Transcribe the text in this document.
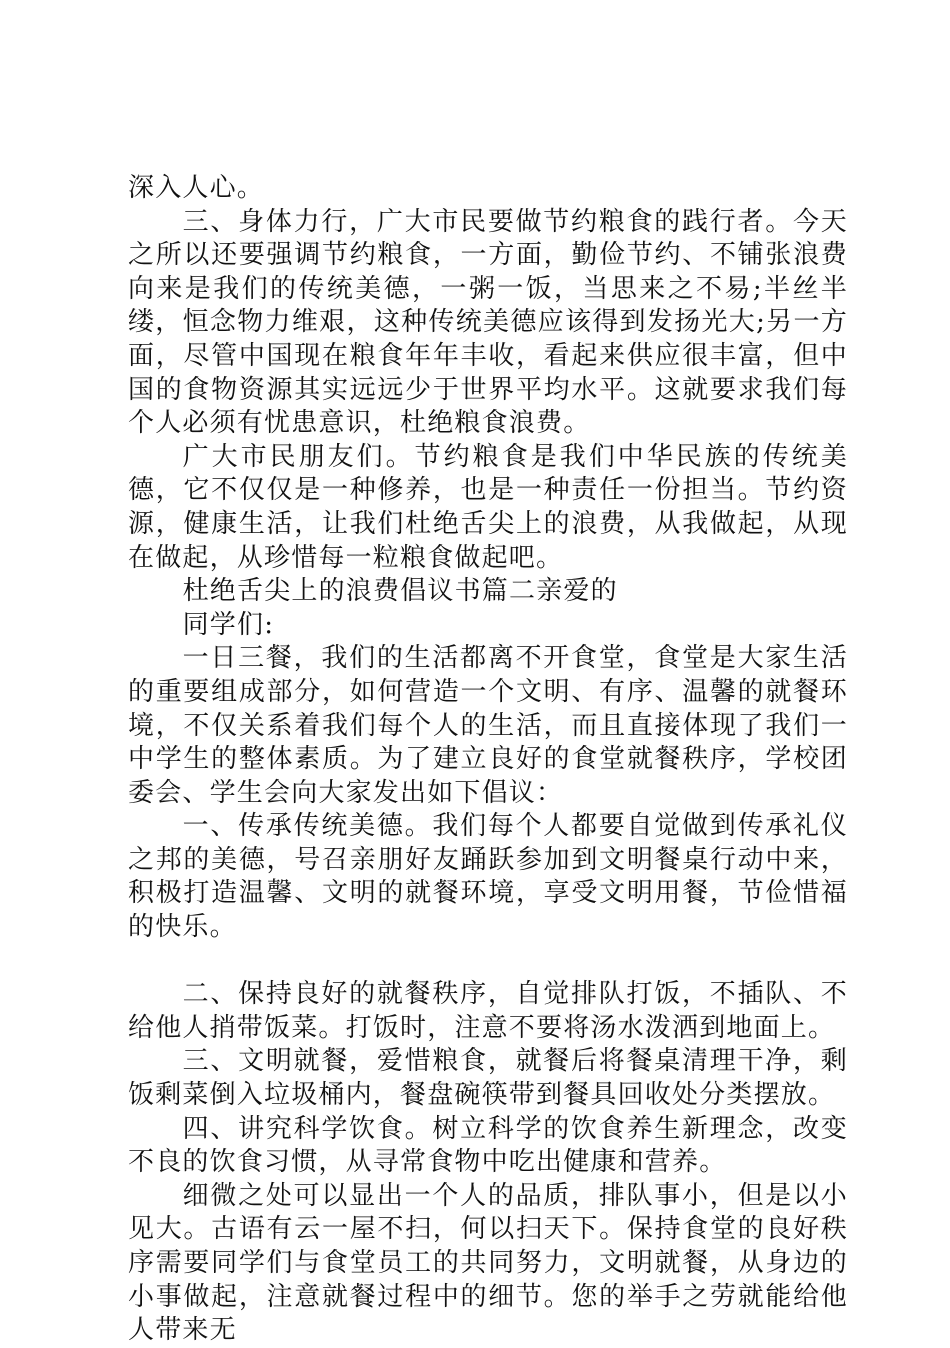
深入人心。

三、身体力行，广大市民要做节约粮食的践行者。今天之所以还要强调节约粮食，一方面，勤俭节约、不铺张浪费向来是我们的传统美德，一粥一饭，当思来之不易;半丝半缕，恒念物力维艰，这种传统美德应该得到发扬光大;另一方面，尽管中国现在粮食年年丰收，看起来供应很丰富，但中国的食物资源其实远远少于世界平均水平。这就要求我们每个人必须有忧患意识，杜绝粮食浪费。

广大市民朋友们。节约粮食是我们中华民族的传统美德，它不仅仅是一种修养，也是一种责任一份担当。节约资源，健康生活，让我们杜绝舌尖上的浪费，从我做起，从现在做起，从珍惜每一粒粮食做起吧。

杜绝舌尖上的浪费倡议书篇二亲爱的

同学们:

一日三餐，我们的生活都离不开食堂，食堂是大家生活的重要组成部分，如何营造一个文明、有序、温馨的就餐环境，不仅关系着我们每个人的生活，而且直接体现了我们一中学生的整体素质。为了建立良好的食堂就餐秩序，学校团委会、学生会向大家发出如下倡议：

一、传承传统美德。我们每个人都要自觉做到传承礼仪之邦的美德，号召亲朋好友踊跃参加到文明餐桌行动中来，积极打造温馨、文明的就餐环境，享受文明用餐，节俭惜福的快乐。

二、保持良好的就餐秩序，自觉排队打饭，不插队、不给他人捎带饭菜。打饭时，注意不要将汤水泼洒到地面上。

三、文明就餐，爱惜粮食，就餐后将餐桌清理干净，剩饭剩菜倒入垃圾桶内，餐盘碗筷带到餐具回收处分类摆放。

四、讲究科学饮食。树立科学的饮食养生新理念，改变不良的饮食习惯，从寻常食物中吃出健康和营养。

细微之处可以显出一个人的品质，排队事小，但是以小见大。古语有云一屋不扫，何以扫天下。保持食堂的良好秩序需要同学们与食堂员工的共同努力，文明就餐，从身边的小事做起，注意就餐过程中的细节。您的举手之劳就能给他人带来无
